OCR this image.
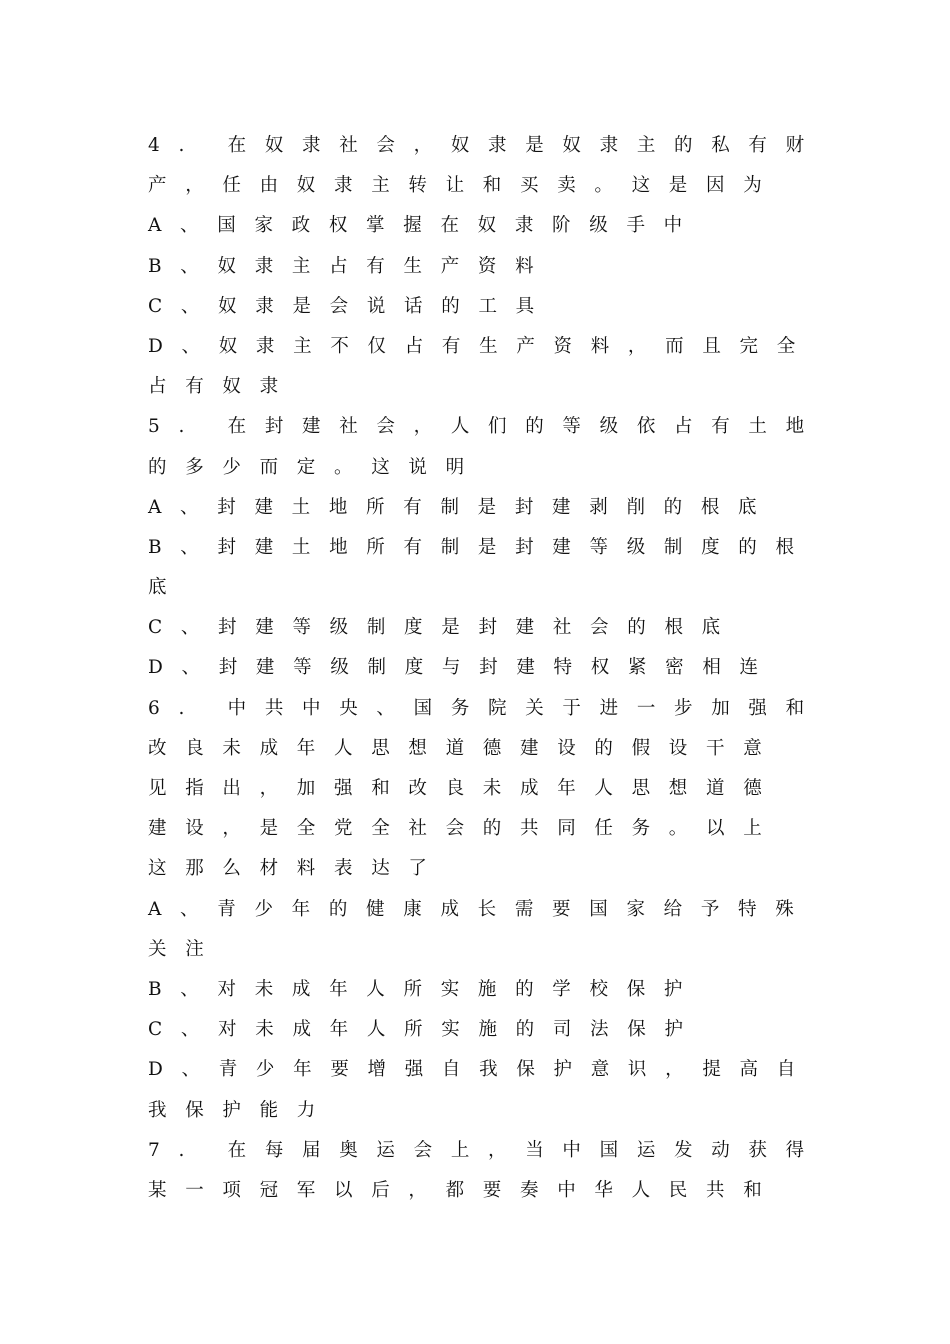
4. 在奴隶社会，奴隶是奴隶主的私有财
产，任由奴隶主转让和买卖。这是因为
A、国家政权掌握在奴隶阶级手中
B、奴隶主占有生产资料
C、奴隶是会说话的工具
D、奴隶主不仅占有生产资料，而且完全
占有奴隶
5. 在封建社会，人们的等级依占有土地
的多少而定。这说明
A、封建土地所有制是封建剥削的根底
B、封建土地所有制是封建等级制度的根
底
C、封建等级制度是封建社会的根底
D、封建等级制度与封建特权紧密相连
6. 中共中央、国务院关于进一步加强和
改良未成年人思想道德建设的假设干意
见指出，加强和改良未成年人思想道德
建设，是全党全社会的共同任务。以上
这那么材料表达了
A、青少年的健康成长需要国家给予特殊
关注
B、对未成年人所实施的学校保护
C、对未成年人所实施的司法保护
D、青少年要增强自我保护意识，提高自
我保护能力
7. 在每届奥运会上，当中国运发动获得
某一项冠军以后，都要奏中华人民共和
